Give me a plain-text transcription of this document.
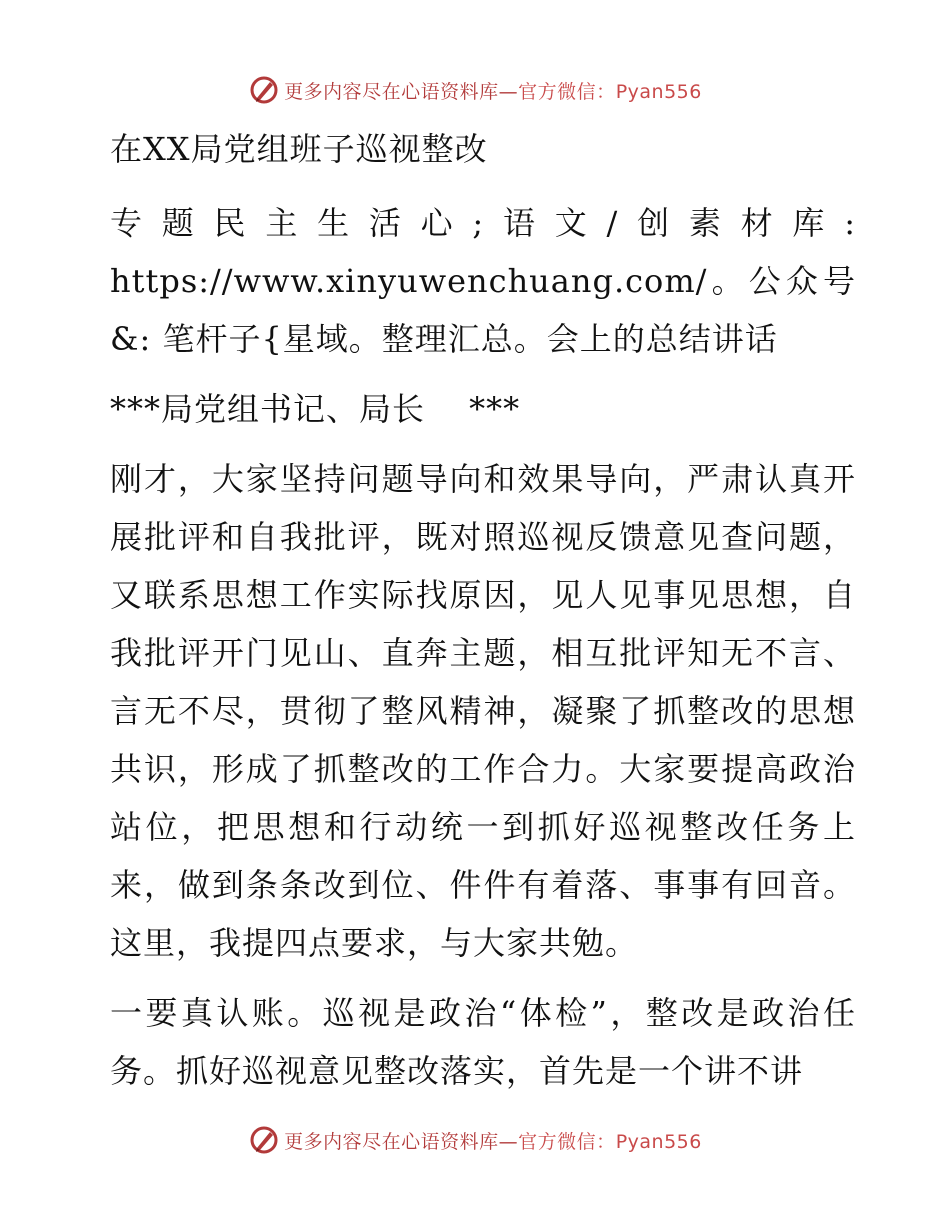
更多内容尽在心语资料库—官方微信：Pyan556

在XX局党组班子巡视整改

专题民主生活心;语文/创素材库: https://www.xinyuwenchuang.com/。公众号&: 笔杆子{星域。整理汇总。会上的总结讲话

***局党组书记、局长　 ***

刚才，大家坚持问题导向和效果导向，严肃认真开展批评和自我批评，既对照巡视反馈意见查问题，又联系思想工作实际找原因，见人见事见思想，自我批评开门见山、直奔主题，相互批评知无不言、言无不尽，贯彻了整风精神，凝聚了抓整改的思想共识，形成了抓整改的工作合力。大家要提高政治站位，把思想和行动统一到抓好巡视整改任务上来，做到条条改到位、件件有着落、事事有回音。这里，我提四点要求，与大家共勉。

一要真认账。巡视是政治“体检”，整改是政治任务。抓好巡视意见整改落实，首先是一个讲不讲

更多内容尽在心语资料库—官方微信：Pyan556
